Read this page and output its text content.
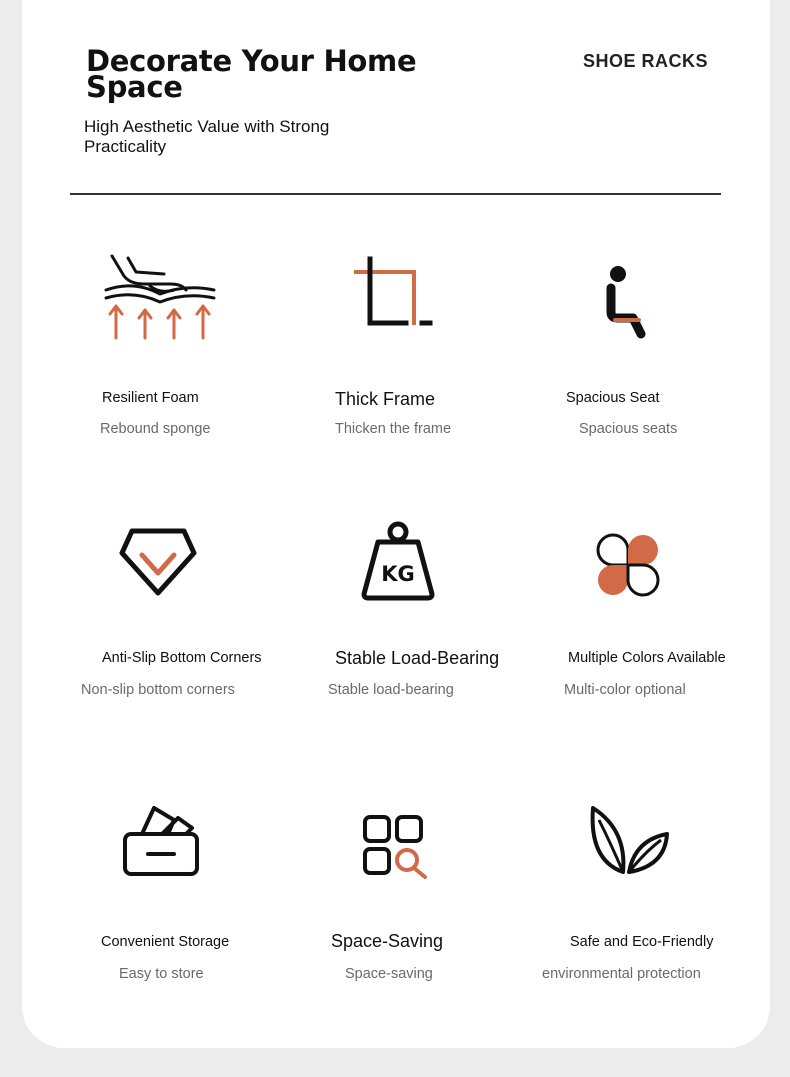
Decorate Your Home Space
High Aesthetic Value with Strong Practicality
SHOE RACKS
Resilient Foam
Rebound sponge
Thick Frame
Thicken the frame
Spacious Seat
Spacious seats
KG
Anti-Slip Bottom Corners
Non-slip bottom corners
Stable Load-Bearing
Stable load-bearing
Multiple Colors Available
Multi-color optional
Convenient Storage
Easy to store
Space-Saving
Space-saving
Safe and Eco-Friendly
environmental protection
